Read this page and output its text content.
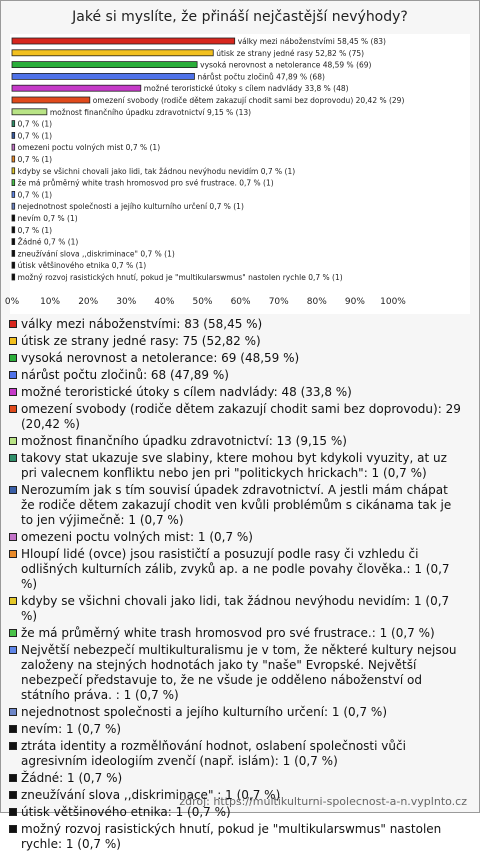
Jaké si myslíte, že přináší nejčastější nevýhody?
války mezi náboženstvími 58,45 % (83)
útisk ze strany jedné rasy 52,82 % (75)
vysoká nerovnost a netolerance 48,59 % (69)
nárůst počtu zločinů 47,89 % (68)
možné teroristické útoky s cílem nadvlády 33,8 % (48)
omezení svobody (rodiče dětem zakazují chodit sami bez doprovodu) 20,42 % (29)
možnost finančního úpadku zdravotnictví 9,15 % (13)
0,7 % (1)
0,7 % (1)
omezeni poctu volných mist 0,7 % (1)
0,7 % (1)
kdyby se všichni chovali jako lidi, tak žádnou nevýhodu nevidím 0,7 % (1)
že má průměrný white trash hromosvod pro své frustrace. 0,7 % (1)
0,7 % (1)
nejednotnost společnosti a jejího kulturního určení 0,7 % (1)
nevím 0,7 % (1)
0,7 % (1)
Žádné 0,7 % (1)
zneužívání slova ,,diskriminace" 0,7 % (1)
útisk většinového etnika 0,7 % (1)
možný rozvoj rasistických hnutí, pokud je "multikularswmus" nastolen rychle 0,7 % (1)
0% 10% 20% 30% 40% 50% 60% 70% 80% 90% 100%
války mezi náboženstvími: 83 (58,45 %)
útisk ze strany jedné rasy: 75 (52,82 %)
vysoká nerovnost a netolerance: 69 (48,59 %)
nárůst počtu zločinů: 68 (47,89 %)
možné teroristické útoky s cílem nadvlády: 48 (33,8 %)
omezení svobody (rodiče dětem zakazují chodit sami bez doprovodu): 29 (20,42 %)
možnost finančního úpadku zdravotnictví: 13 (9,15 %)
takovy stat ukazuje sve slabiny, ktere mohou byt kdykoli vyuzity, at uz pri valecnem konfliktu nebo jen pri "politickych hrickach": 1 (0,7 %)
Nerozumím jak s tím souvisí úpadek zdravotnictví. A jestli mám chápat že rodiče dětem zakazují chodit ven kvůli problémům s cikánama tak je to jen výjimečně: 1 (0,7 %)
omezeni poctu volných mist: 1 (0,7 %)
Hloupí lidé (ovce) jsou rasističtí a posuzují podle rasy či vzhledu či odlišných kulturních zálib, zvyků ap. a ne podle povahy člověka.: 1 (0,7 %)
kdyby se všichni chovali jako lidi, tak žádnou nevýhodu nevidím: 1 (0,7 %)
že má průměrný white trash hromosvod pro své frustrace.: 1 (0,7 %)
Největší nebezpečí multikulturalismu je v tom, že některé kultury nejsou založeny na stejných hodnotách jako ty "naše" Evropské. Největší nebezpečí představuje to, že ne všude je odděleno náboženství od státního práva. : 1 (0,7 %)
nejednotnost společnosti a jejího kulturního určení: 1 (0,7 %)
nevím: 1 (0,7 %)
ztráta identity a rozmělňování hodnot, oslabení společnosti vůči agresivním ideologiím zvenčí (např. islám): 1 (0,7 %)
Žádné: 1 (0,7 %)
zneužívání slova ,,diskriminace" : 1 (0,7 %)
útisk většinového etnika: 1 (0,7 %)
možný rozvoj rasistických hnutí, pokud je "multikularswmus" nastolen rychle: 1 (0,7 %)
zdroj: https://multikulturni-spolecnost-a-n.vyplnto.cz
